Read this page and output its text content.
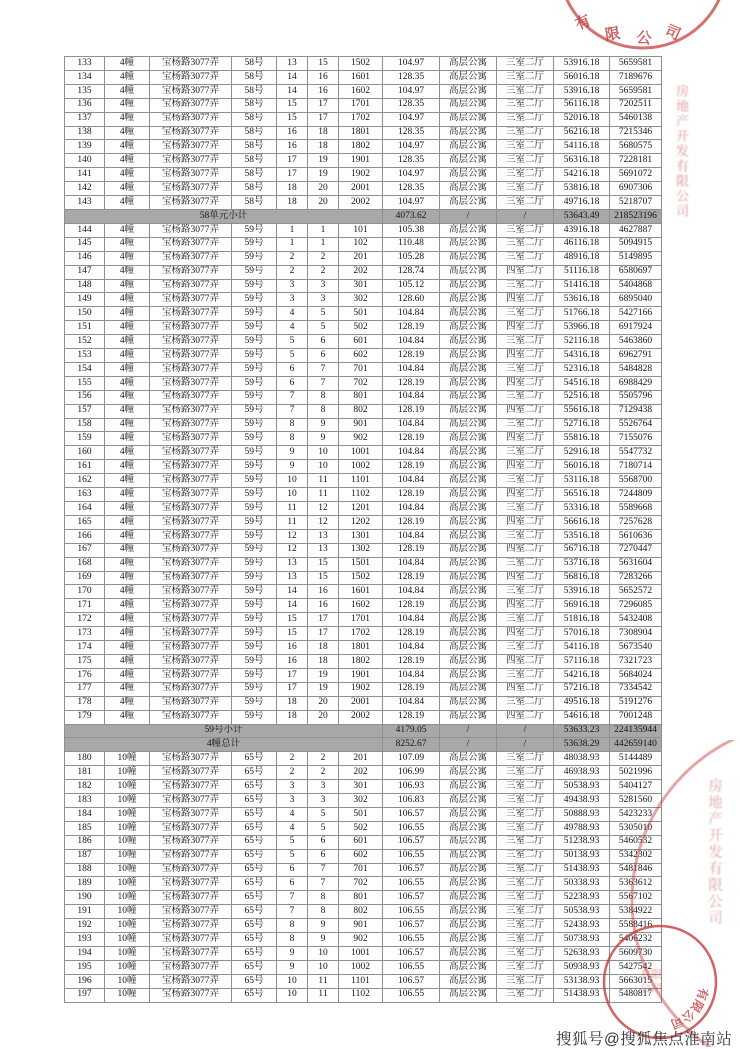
133	4幢	宝杨路3077弄	58号	13	15	1502	104.97	高层公寓	三室二厅	53916.18	5659581
134	4幢	宝杨路3077弄	58号	14	16	1601	128.35	高层公寓	三室二厅	56016.18	7189676
135	4幢	宝杨路3077弄	58号	14	16	1602	104.97	高层公寓	三室二厅	53916.18	5659581
136	4幢	宝杨路3077弄	58号	15	17	1701	128.35	高层公寓	三室二厅	56116.18	7202511
137	4幢	宝杨路3077弄	58号	15	17	1702	104.97	高层公寓	三室二厅	52016.18	5460138
138	4幢	宝杨路3077弄	58号	16	18	1801	128.35	高层公寓	三室二厅	56216.18	7215346
139	4幢	宝杨路3077弄	58号	16	18	1802	104.97	高层公寓	三室二厅	54116.18	5680575
140	4幢	宝杨路3077弄	58号	17	19	1901	128.35	高层公寓	三室二厅	56316.18	7228181
141	4幢	宝杨路3077弄	58号	17	19	1902	104.97	高层公寓	三室二厅	54216.18	5691072
142	4幢	宝杨路3077弄	58号	18	20	2001	128.35	高层公寓	三室二厅	53816.18	6907306
143	4幢	宝杨路3077弄	58号	18	20	2002	104.97	高层公寓	三室二厅	49716.18	5218707
58单元小计							4073.62	/	/	53643.49	218523196
144	4幢	宝杨路3077弄	59号	1	1	101	105.38	高层公寓	三室二厅	43916.18	4627887
145	4幢	宝杨路3077弄	59号	1	1	102	110.48	高层公寓	三室二厅	46116.18	5094915
146	4幢	宝杨路3077弄	59号	2	2	201	105.28	高层公寓	三室二厅	48916.18	5149895
147	4幢	宝杨路3077弄	59号	2	2	202	128.74	高层公寓	四室二厅	51116.18	6580697
148	4幢	宝杨路3077弄	59号	3	3	301	105.12	高层公寓	三室二厅	51416.18	5404868
149	4幢	宝杨路3077弄	59号	3	3	302	128.60	高层公寓	四室二厅	53616.18	6895040
150	4幢	宝杨路3077弄	59号	4	5	501	104.84	高层公寓	三室二厅	51766.18	5427166
151	4幢	宝杨路3077弄	59号	4	5	502	128.19	高层公寓	四室二厅	53966.18	6917924
152	4幢	宝杨路3077弄	59号	5	6	601	104.84	高层公寓	三室二厅	52116.18	5463860
153	4幢	宝杨路3077弄	59号	5	6	602	128.19	高层公寓	四室二厅	54316.18	6962791
154	4幢	宝杨路3077弄	59号	6	7	701	104.84	高层公寓	三室二厅	52316.18	5484828
155	4幢	宝杨路3077弄	59号	6	7	702	128.19	高层公寓	四室二厅	54516.18	6988429
156	4幢	宝杨路3077弄	59号	7	8	801	104.84	高层公寓	三室二厅	52516.18	5505796
157	4幢	宝杨路3077弄	59号	7	8	802	128.19	高层公寓	四室二厅	55616.18	7129438
158	4幢	宝杨路3077弄	59号	8	9	901	104.84	高层公寓	三室二厅	52716.18	5526764
159	4幢	宝杨路3077弄	59号	8	9	902	128.19	高层公寓	四室二厅	55816.18	7155076
160	4幢	宝杨路3077弄	59号	9	10	1001	104.84	高层公寓	三室二厅	52916.18	5547732
161	4幢	宝杨路3077弄	59号	9	10	1002	128.19	高层公寓	四室二厅	56016.18	7180714
162	4幢	宝杨路3077弄	59号	10	11	1101	104.84	高层公寓	三室二厅	53116.18	5568700
163	4幢	宝杨路3077弄	59号	10	11	1102	128.19	高层公寓	四室二厅	56516.18	7244809
164	4幢	宝杨路3077弄	59号	11	12	1201	104.84	高层公寓	三室二厅	53316.18	5589668
165	4幢	宝杨路3077弄	59号	11	12	1202	128.19	高层公寓	四室二厅	56616.18	7257628
166	4幢	宝杨路3077弄	59号	12	13	1301	104.84	高层公寓	三室二厅	53516.18	5610636
167	4幢	宝杨路3077弄	59号	12	13	1302	128.19	高层公寓	四室二厅	56716.18	7270447
168	4幢	宝杨路3077弄	59号	13	15	1501	104.84	高层公寓	三室二厅	53716.18	5631604
169	4幢	宝杨路3077弄	59号	13	15	1502	128.19	高层公寓	四室二厅	56816.18	7283266
170	4幢	宝杨路3077弄	59号	14	16	1601	104.84	高层公寓	三室二厅	53916.18	5652572
171	4幢	宝杨路3077弄	59号	14	16	1602	128.19	高层公寓	四室二厅	56916.18	7296085
172	4幢	宝杨路3077弄	59号	15	17	1701	104.84	高层公寓	三室二厅	51816.18	5432408
173	4幢	宝杨路3077弄	59号	15	17	1702	128.19	高层公寓	四室二厅	57016.18	7308904
174	4幢	宝杨路3077弄	59号	16	18	1801	104.84	高层公寓	三室二厅	54116.18	5673540
175	4幢	宝杨路3077弄	59号	16	18	1802	128.19	高层公寓	四室二厅	57116.18	7321723
176	4幢	宝杨路3077弄	59号	17	19	1901	104.84	高层公寓	三室二厅	54216.18	5684024
177	4幢	宝杨路3077弄	59号	17	19	1902	128.19	高层公寓	四室二厅	57216.18	7334542
178	4幢	宝杨路3077弄	59号	18	20	2001	104.84	高层公寓	三室二厅	49516.18	5191276
179	4幢	宝杨路3077弄	59号	18	20	2002	128.19	高层公寓	四室二厅	54616.18	7001248
59号小计							4179.05	/	/	53633.23	224135944
4幢总计							8252.67	/	/	53638.29	442659140
180	10幢	宝杨路3077弄	65号	2	2	201	107.09	高层公寓	三室二厅	48038.93	5144489
181	10幢	宝杨路3077弄	65号	2	2	202	106.99	高层公寓	三室二厅	46938.93	5021996
182	10幢	宝杨路3077弄	65号	3	3	301	106.93	高层公寓	三室二厅	50538.93	5404127
183	10幢	宝杨路3077弄	65号	3	3	302	106.83	高层公寓	三室二厅	49438.93	5281560
184	10幢	宝杨路3077弄	65号	4	5	501	106.57	高层公寓	三室二厅	50888.93	5423233
185	10幢	宝杨路3077弄	65号	4	5	502	106.55	高层公寓	三室二厅	49788.93	5305010
186	10幢	宝杨路3077弄	65号	5	6	601	106.57	高层公寓	三室二厅	51238.93	5460532
187	10幢	宝杨路3077弄	65号	5	6	602	106.55	高层公寓	三室二厅	50138.93	5342302
188	10幢	宝杨路3077弄	65号	6	7	701	106.57	高层公寓	三室二厅	51438.93	5481846
189	10幢	宝杨路3077弄	65号	6	7	702	106.55	高层公寓	三室二厅	50338.93	5363612
190	10幢	宝杨路3077弄	65号	7	8	801	106.57	高层公寓	三室二厅	52238.93	5567102
191	10幢	宝杨路3077弄	65号	7	8	802	106.55	高层公寓	三室二厅	50538.93	5384922
192	10幢	宝杨路3077弄	65号	8	9	901	106.57	高层公寓	三室二厅	52438.93	5588416
193	10幢	宝杨路3077弄	65号	8	9	902	106.55	高层公寓	三室二厅	50738.93	5406232
194	10幢	宝杨路3077弄	65号	9	10	1001	106.57	高层公寓	三室二厅	52638.93	5609730
195	10幢	宝杨路3077弄	65号	9	10	1002	106.55	高层公寓	三室二厅	50938.93	5427542
196	10幢	宝杨路3077弄	65号	10	11	1101	106.57	高层公寓	三室二厅	53138.93	5663015
197	10幢	宝杨路3077弄	65号	10	11	1102	106.55	高层公寓	三室二厅	51438.93	5480817
有
限 公 司
房地产开发有限公司
房地产开发有限公司
有限公司
有限
公司
搜狐号@搜狐焦点淮南站
